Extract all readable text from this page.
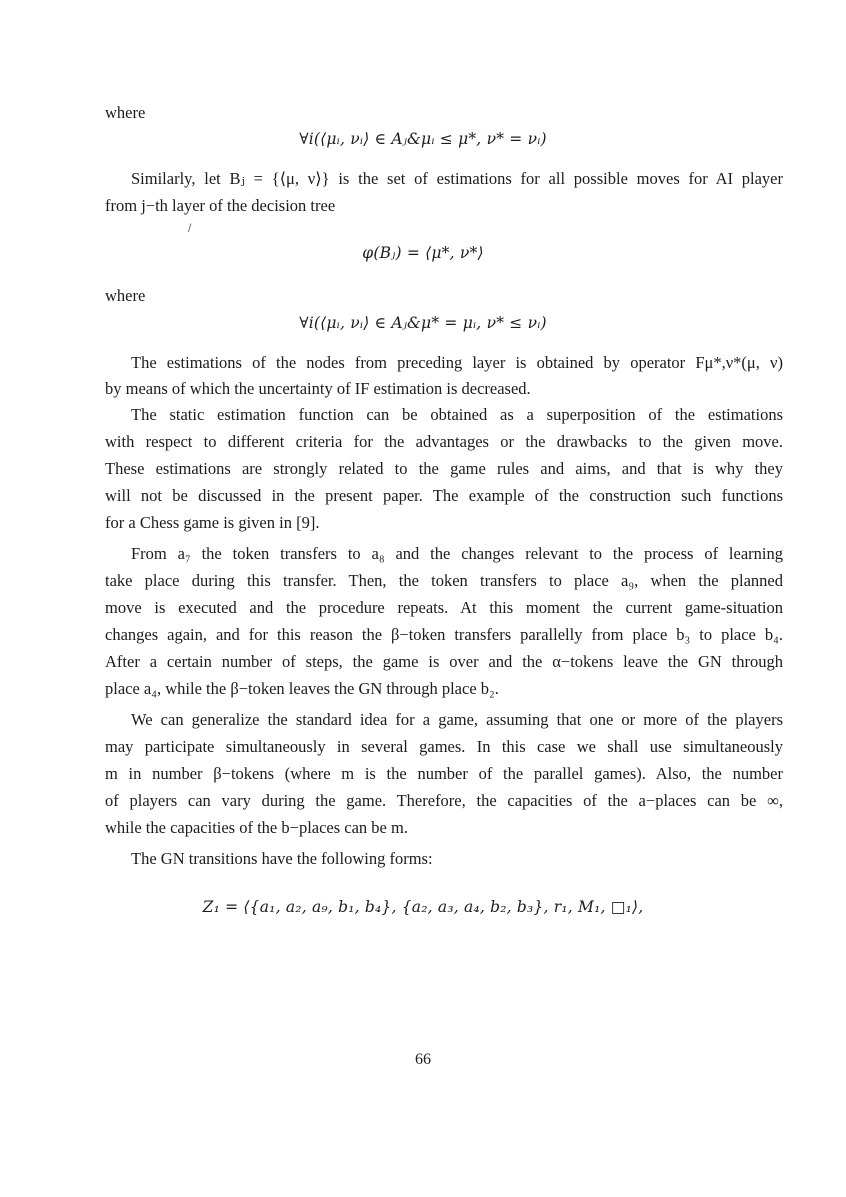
where
∀i(⟨μᵢ, νᵢ⟩ ∈ Aⱼ&μᵢ ≤ μ*, ν* = νᵢ)
Similarly, let Bⱼ = {⟨μ, ν⟩} is the set of estimations for all possible moves for AI player
from j−th layer of the decision tree
/
φ(Bⱼ) = ⟨μ*, ν*⟩
where
∀i(⟨μᵢ, νᵢ⟩ ∈ Aⱼ&μ* = μᵢ, ν* ≤ νᵢ)
The estimations of the nodes from preceding layer is obtained by operator Fμ*,ν*(μ, ν)
by means of which the uncertainty of IF estimation is decreased.
The static estimation function can be obtained as a superposition of the estimations
with respect to different criteria for the advantages or the drawbacks to the given move.
These estimations are strongly related to the game rules and aims, and that is why they
will not be discussed in the present paper. The example of the construction such functions
for a Chess game is given in [9].
From a₇ the token transfers to a₈ and the changes relevant to the process of learning
take place during this transfer. Then, the token transfers to place a₉, when the planned
move is executed and the procedure repeats. At this moment the current game-situation
changes again, and for this reason the β−token transfers parallelly from place b₃ to place b₄.
After a certain number of steps, the game is over and the α−tokens leave the GN through
place a₄, while the β−token leaves the GN through place b₂.
We can generalize the standard idea for a game, assuming that one or more of the players
may participate simultaneously in several games. In this case we shall use simultaneously
m in number β−tokens (where m is the number of the parallel games). Also, the number
of players can vary during the game. Therefore, the capacities of the a−places can be ∞,
while the capacities of the b−places can be m.
The GN transitions have the following forms:
Z₁ = ⟨{a₁, a₂, a₉, b₁, b₄}, {a₂, a₃, a₄, b₂, b₃}, r₁, M₁, □₁⟩,
66
